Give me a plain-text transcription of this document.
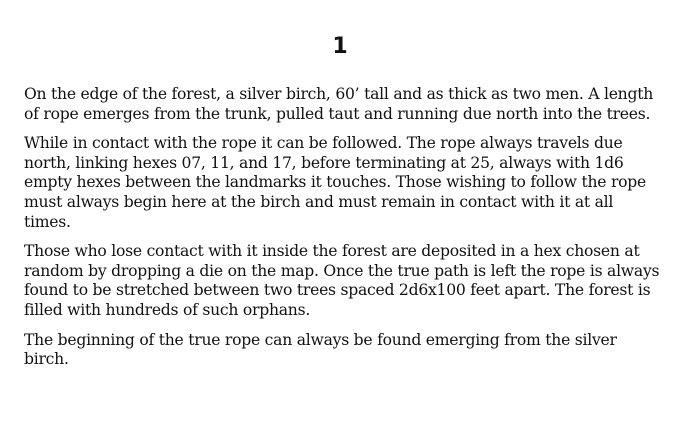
1

On the edge of the forest, a silver birch, 60’ tall and as thick as two men. A length of rope emerges from the trunk, pulled taut and running due north into the trees.

While in contact with the rope it can be followed. The rope always travels due north, linking hexes 07, 11, and 17, before terminating at 25, always with 1d6 empty hexes between the landmarks it touches. Those wishing to follow the rope must always begin here at the birch and must remain in contact with it at all times.

Those who lose contact with it inside the forest are deposited in a hex chosen at random by dropping a die on the map. Once the true path is left the rope is always found to be stretched between two trees spaced 2d6x100 feet apart. The forest is filled with hundreds of such orphans.

The beginning of the true rope can always be found emerging from the silver birch.
